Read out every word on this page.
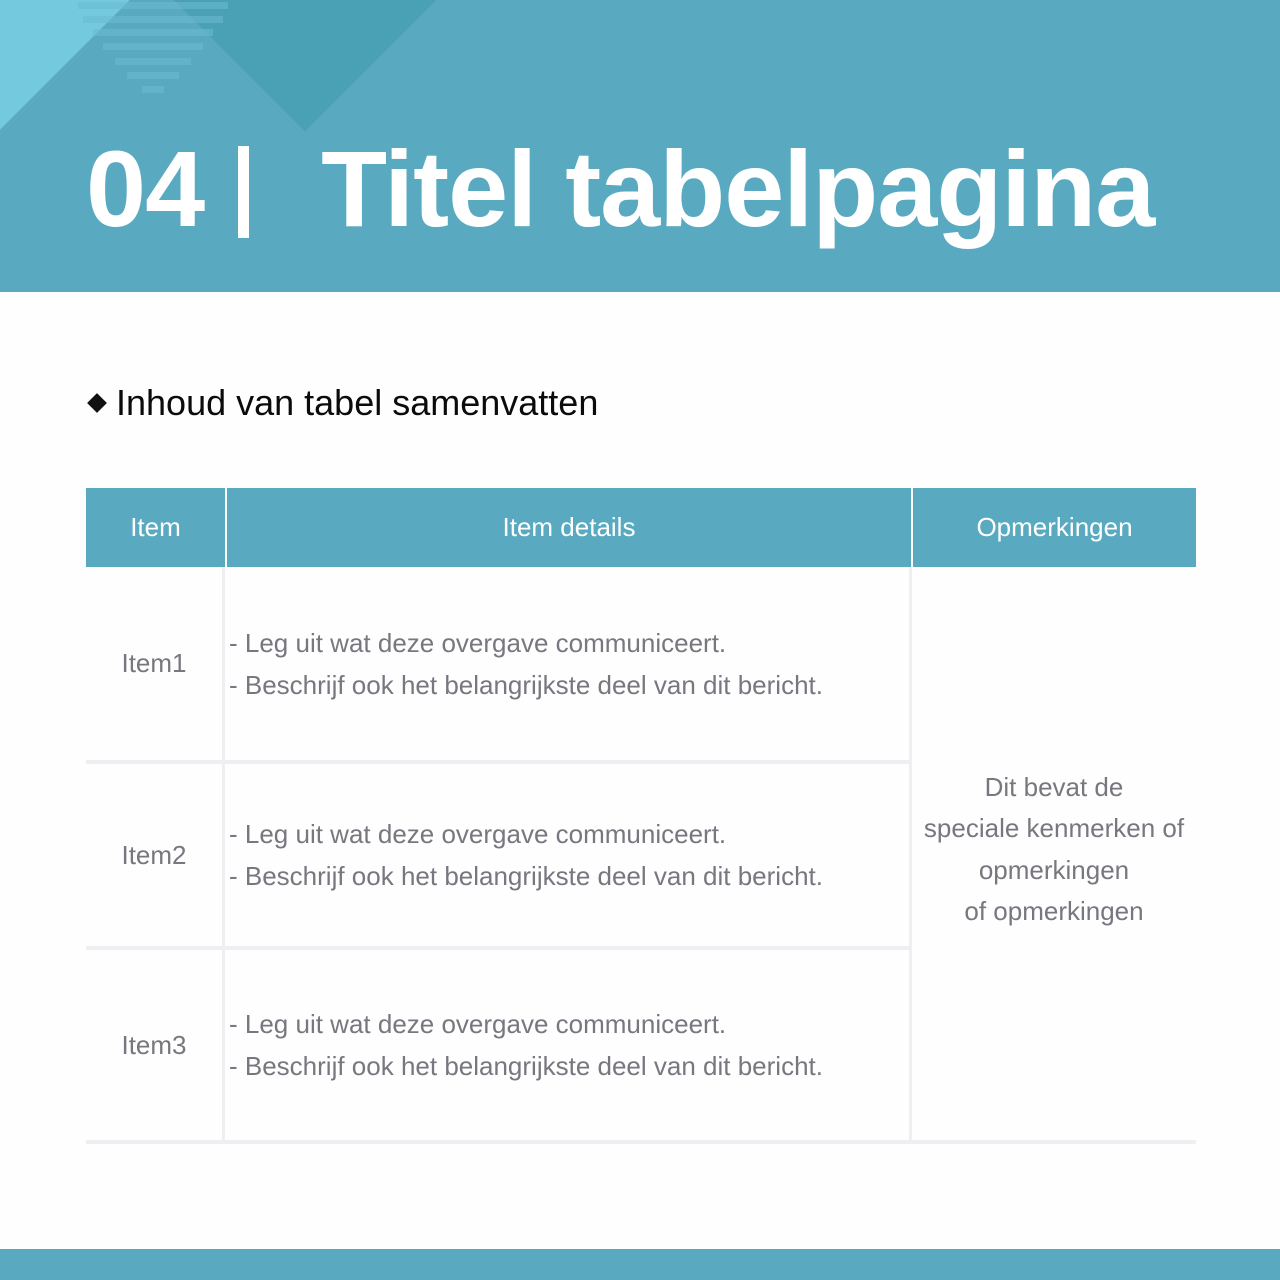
04 Titel tabelpagina
Inhoud van tabel samenvatten
Item	Item details	Opmerkingen
Item1
- Leg uit wat deze overgave communiceert.
- Beschrijf ook het belangrijkste deel van dit bericht.
Item2
- Leg uit wat deze overgave communiceert.
- Beschrijf ook het belangrijkste deel van dit bericht.
Item3
- Leg uit wat deze overgave communiceert.
- Beschrijf ook het belangrijkste deel van dit bericht.
Dit bevat de
speciale kenmerken of
opmerkingen
of opmerkingen
